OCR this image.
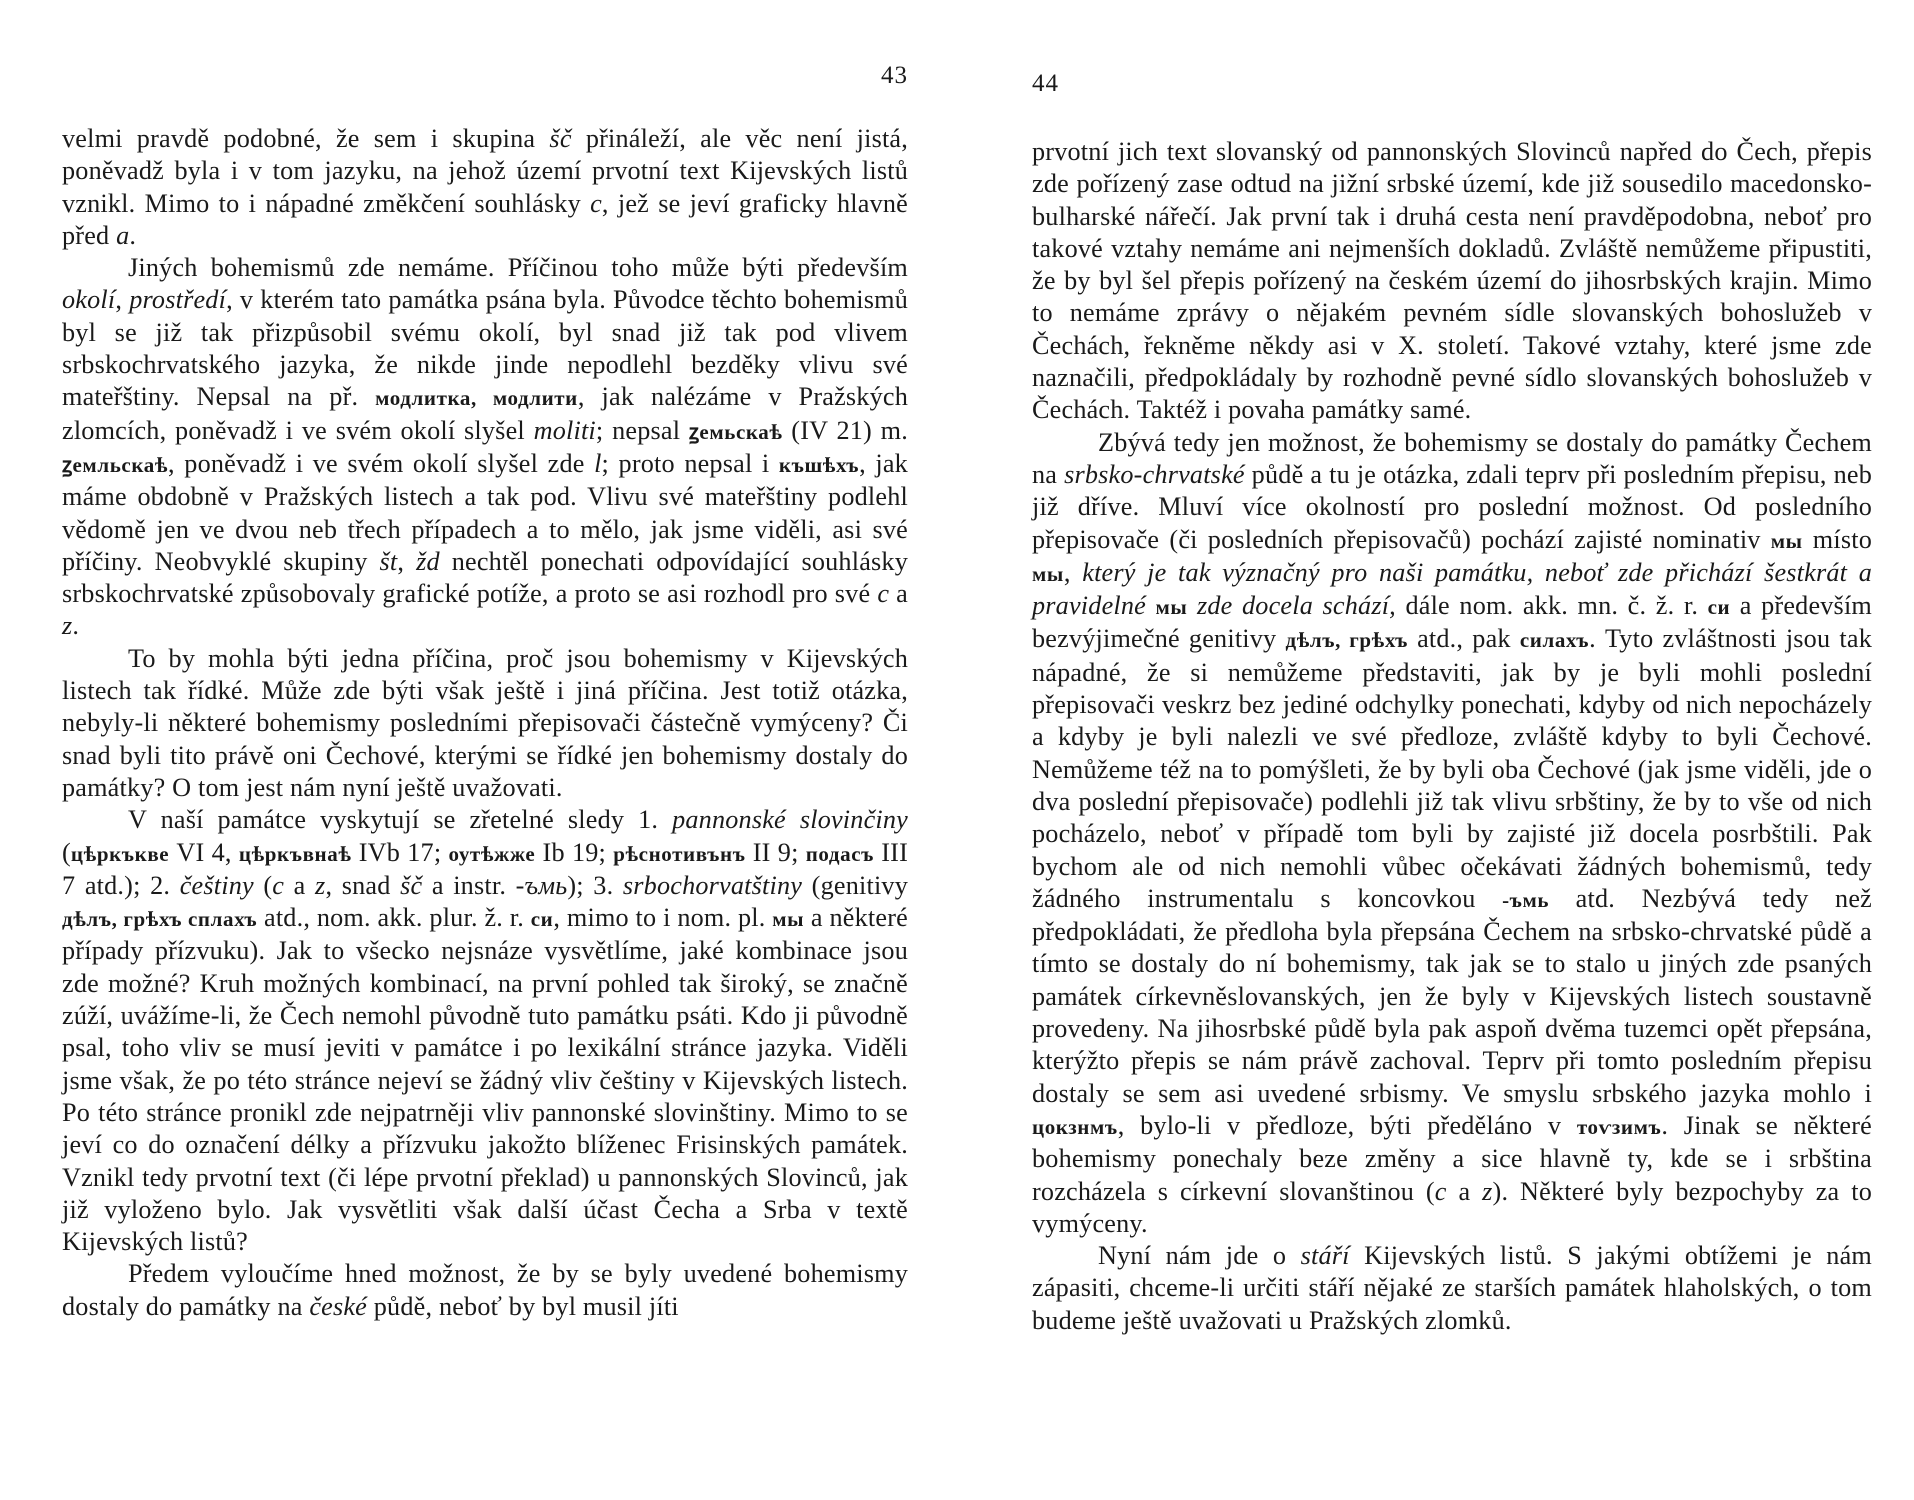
43

velmi pravdě podobné, že sem i skupina šč přináleží, ale věc není jistá, poněvadž byla i v tom jazyku, na jehož území prvotní text Kijevských listů vznikl. Mimo to i nápadné změkčení souhlásky c, jež se jeví graficky hlavně před a.

Jiných bohemismů zde nemáme. Příčinou toho může býti především okolí, prostředí, v kterém tato památka psána byla. Původce těchto bohemismů byl se již tak přizpůsobil svému okolí, byl snad již tak pod vlivem srbskochrvatského jazyka, že nikde jinde nepodlehl bezděky vlivu své mateřštiny. Nepsal na př. модлитка, модлити, jak nalézáme v Pražských zlomcích, poněvadž i ve svém okolí slyšel moliti; nepsal ꙁемьскаѣ (IV 21) m. ꙁемльскаѣ, poněvadž i ve svém okolí slyšel zde l; proto nepsal i къшѣхъ, jak máme obdobně v Pražských listech a tak pod. Vlivu své mateřštiny podlehl vědomě jen ve dvou neb třech případech a to mělo, jak jsme viděli, asi své příčiny. Neobvyklé skupiny št, žd nechtěl ponechati odpovídající souhlásky srbskochrvatské způsobovaly grafické potíže, a proto se asi rozhodl pro své c a z.

To by mohla býti jedna příčina, proč jsou bohemismy v Kijevských listech tak řídké. Může zde býti však ještě i jiná příčina. Jest totiž otázka, nebyly-li některé bohemismy posledními přepisovači částečně vymýceny? Či snad byli tito právě oni Čechové, kterými se řídké jen bohemismy dostaly do památky? O tom jest nám nyní ještě uvažovati.

V naší památce vyskytují se zřetelné sledy 1. pannonské slovinčiny (цѣркъкве VI 4, цѣркъвнаѣ IVb 17; оутѣжже Ib 19; рѣснотивънъ II 9; подасъ III 7 atd.); 2. češtiny (c a z, snad šč a instr. -ъмь); 3. srbochorvatštiny (genitivy дѣлъ, грѣхъ сплахъ atd., nom. akk. plur. ž. r. си, mimo to i nom. pl. мы a některé případy přízvuku). Jak to všecko nejsnáze vysvětlíme, jaké kombinace jsou zde možné? Kruh možných kombinací, na první pohled tak široký, se značně zúží, uvážíme-li, že Čech nemohl původně tuto památku psáti. Kdo ji původně psal, toho vliv se musí jeviti v památce i po lexikální stránce jazyka. Viděli jsme však, že po této stránce nejeví se žádný vliv češtiny v Kijevských listech. Po této stránce pronikl zde nejpatrněji vliv pannonské slovinštiny. Mimo to se jeví co do označení délky a přízvuku jakožto blíženec Frisinských památek. Vznikl tedy prvotní text (či lépe prvotní překlad) u pannonských Slovinců, jak již vyloženo bylo. Jak vysvětliti však další účast Čecha a Srba v textě Kijevských listů?

Předem vyloučíme hned možnost, že by se byly uvedené bohemismy dostaly do památky na české půdě, neboť by byl musil jíti

44

prvotní jich text slovanský od pannonských Slovinců napřed do Čech, přepis zde pořízený zase odtud na jižní srbské území, kde již sousedilo macedonsko-bulharské nářečí. Jak první tak i druhá cesta není pravděpodobna, neboť pro takové vztahy nemáme ani nejmenších dokladů. Zvláště nemůžeme připustiti, že by byl šel přepis pořízený na českém území do jihosrbských krajin. Mimo to nemáme zprávy o nějakém pevném sídle slovanských bohoslužeb v Čechách, řekněme někdy asi v X. století. Takové vztahy, které jsme zde naznačili, předpokládaly by rozhodně pevné sídlo slovanských bohoslužeb v Čechách. Taktéž i povaha památky samé.

Zbývá tedy jen možnost, že bohemismy se dostaly do památky Čechem na srbsko-chrvatské půdě a tu je otázka, zdali teprv při posledním přepisu, neb již dříve. Mluví více okolností pro poslední možnost. Od posledního přepisovače (či posledních přepisovačů) pochází zajisté nominativ мы místo мы, který je tak význačný pro naši památku, neboť zde přichází šestkrát a pravidelné мы zde docela schází, dále nom. akk. mn. č. ž. r. си a především bezvýjimečné genitivy дѣлъ, грѣхъ atd., pak силахъ. Tyto zvláštnosti jsou tak nápadné, že si nemůžeme představiti, jak by je byli mohli poslední přepisovači veskrz bez jediné odchylky ponechati, kdyby od nich nepocházely a kdyby je byli nalezli ve své předloze, zvláště kdyby to byli Čechové. Nemůžeme též na to pomýšleti, že by byli oba Čechové (jak jsme viděli, jde o dva poslední přepisovače) podlehli již tak vlivu srbštiny, že by to vše od nich pocházelo, neboť v případě tom byli by zajisté již docela posrbštili. Pak bychom ale od nich nemohli vůbec očekávati žádných bohemismů, tedy žádného instrumentalu s koncovkou -ъмь atd. Nezbývá tedy než předpokládati, že předloha byla přepsána Čechem na srbsko-chrvatské půdě a tímto se dostaly do ní bohemismy, tak jak se to stalo u jiných zde psaných památek církevněslovanských, jen že byly v Kijevských listech soustavně provedeny. Na jihosrbské půdě byla pak aspoň dvěma tuzemci opět přepsána, kterýžto přepis se nám právě zachoval. Teprv při tomto posledním přepisu dostaly se sem asi uvedené srbismy. Ve smyslu srbského jazyka mohlo i цокзнмъ, bylo-li v předloze, býti předěláno v тоѵзимъ. Jinak se některé bohemismy ponechaly beze změny a sice hlavně ty, kde se i srbština rozcházela s církevní slovanštinou (c a z). Některé byly bezpochyby za to vymýceny.

Nyní nám jde o stáří Kijevských listů. S jakými obtížemi je nám zápasiti, chceme-li určiti stáří nějaké ze starších památek hlaholských, o tom budeme ještě uvažovati u Pražských zlomků.
